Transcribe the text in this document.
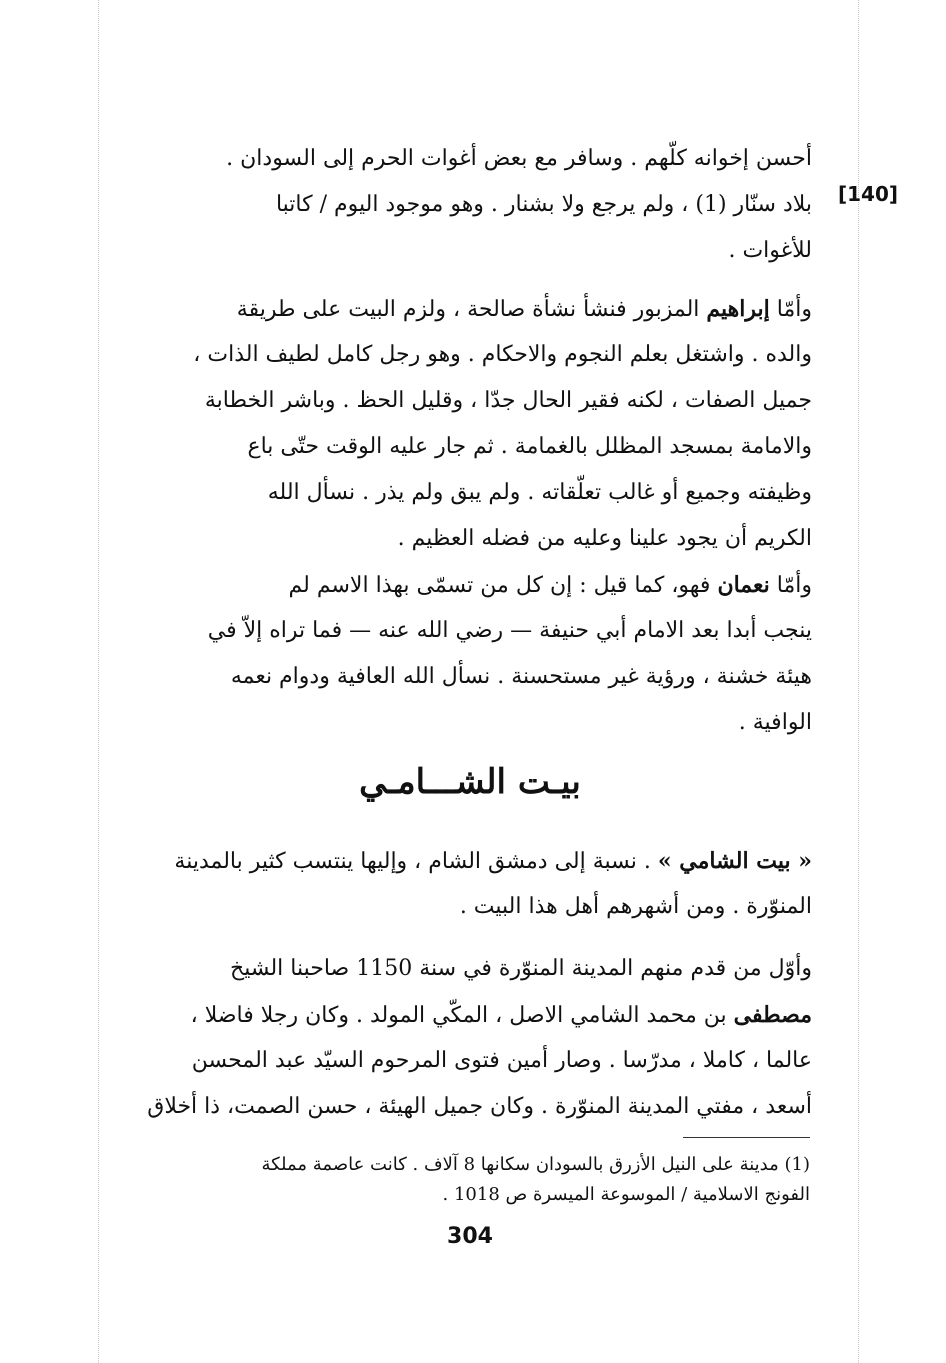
[140]
أحسن إخوانه كلّهم . وسافر مع بعض أغوات الحرم إلى السودان .
بلاد سنّار (1) ، ولم يرجع ولا بشنار . وهو موجود اليوم / كاتبا
للأغوات .
وأمّا إبراهيم المزبور فنشأ نشأة صالحة ، ولزم البيت على طريقة
والده . واشتغل بعلم النجوم والاحكام . وهو رجل كامل لطيف الذات ،
جميل الصفات ، لكنه فقير الحال جدّا ، وقليل الحظ . وباشر الخطابة
والامامة بمسجد المظلل بالغمامة . ثم جار عليه الوقت حتّى باع
وظيفته وجميع أو غالب تعلّقاته . ولم يبق ولم يذر . نسأل الله
الكريم أن يجود علينا وعليه من فضله العظيم .
وأمّا نعمان فهو، كما قيل : إن كل من تسمّى بهذا الاسم لم
ينجب أبدا بعد الامام أبي حنيفة — رضي الله عنه — فما تراه إلاّ في
هيئة خشنة ، ورؤية غير مستحسنة . نسأل الله العافية ودوام نعمه
الوافية .
بيـت الشـــامـي
« بيت الشامي » . نسبة إلى دمشق الشام ، وإليها ينتسب كثير بالمدينة
المنوّرة . ومن أشهرهم أهل هذا البيت .
وأوّل من قدم منهم المدينة المنوّرة في سنة 1150 صاحبنا الشيخ
مصطفى بن محمد الشامي الاصل ، المكّي المولد . وكان رجلا فاضلا ،
عالما ، كاملا ، مدرّسا . وصار أمين فتوى المرحوم السيّد عبد المحسن
أسعد ، مفتي المدينة المنوّرة . وكان جميل الهيئة ، حسن الصمت، ذا أخلاق
(1) مدينة على النيل الأزرق بالسودان سكانها 8 آلاف . كانت عاصمة مملكة
الفونج الاسلامية / الموسوعة الميسرة ص 1018 .
304
